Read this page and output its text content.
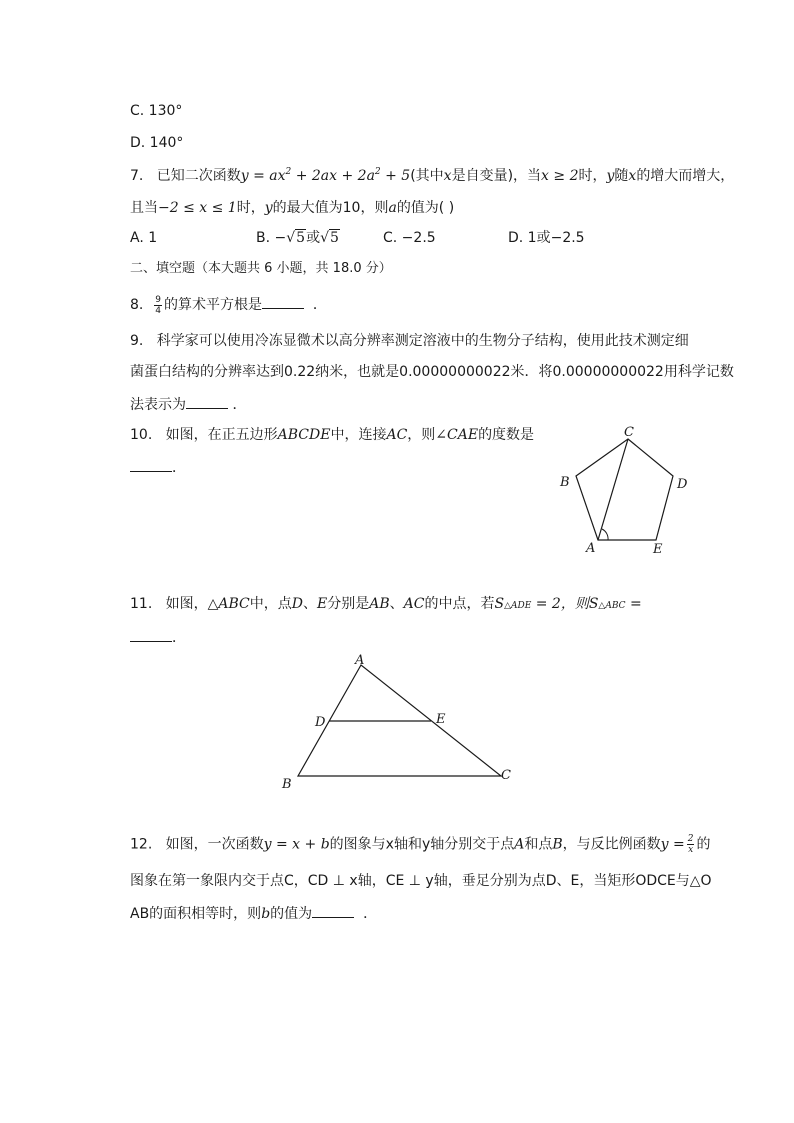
C. 130°
D. 140°
7. 已知二次函数$y = ax^2 + 2ax + 2a^2 + 5$(其中x是自变量)，当x ≥ 2时，y随x的增大而增大，
且当−2 ≤ x ≤ 1时，y的最大值为10，则a的值为( )
A. 1	B. −√5或√5	C. −2.5	D. 1或−2.5
二、填空题（本大题共 6 小题，共 18.0 分）
8. $\frac{9}{4}$ 的算术平方根是	．
9. 科学家可以使用冷冻显微术以高分辨率测定溶液中的生物分子结构，使用此技术测定细
菌蛋白结构的分辨率达到0.22纳米，也就是0.00000000022米．将0.00000000022用科学记数
法表示为	．
10. 如图，在正五边形ABCDE中，连接AC，则∠CAE的度数是
．
C
B	D
A	E
11. 如图，△ABC中，点D、E分别是AB、AC的中点，若S△ADE = 2，则S△ABC =
．
A
D	E
B
C
12. 如图，一次函数y = x + b的图象与x轴和y轴分别交于点A和点B，与反比例函数$y = \frac{2}{x}$ 的
图象在第一象限内交于点C，CD ⊥ x轴，CE ⊥ y轴，垂足分别为点D、E，当矩形ODCE与△O
AB的面积相等时，则b的值为	．
